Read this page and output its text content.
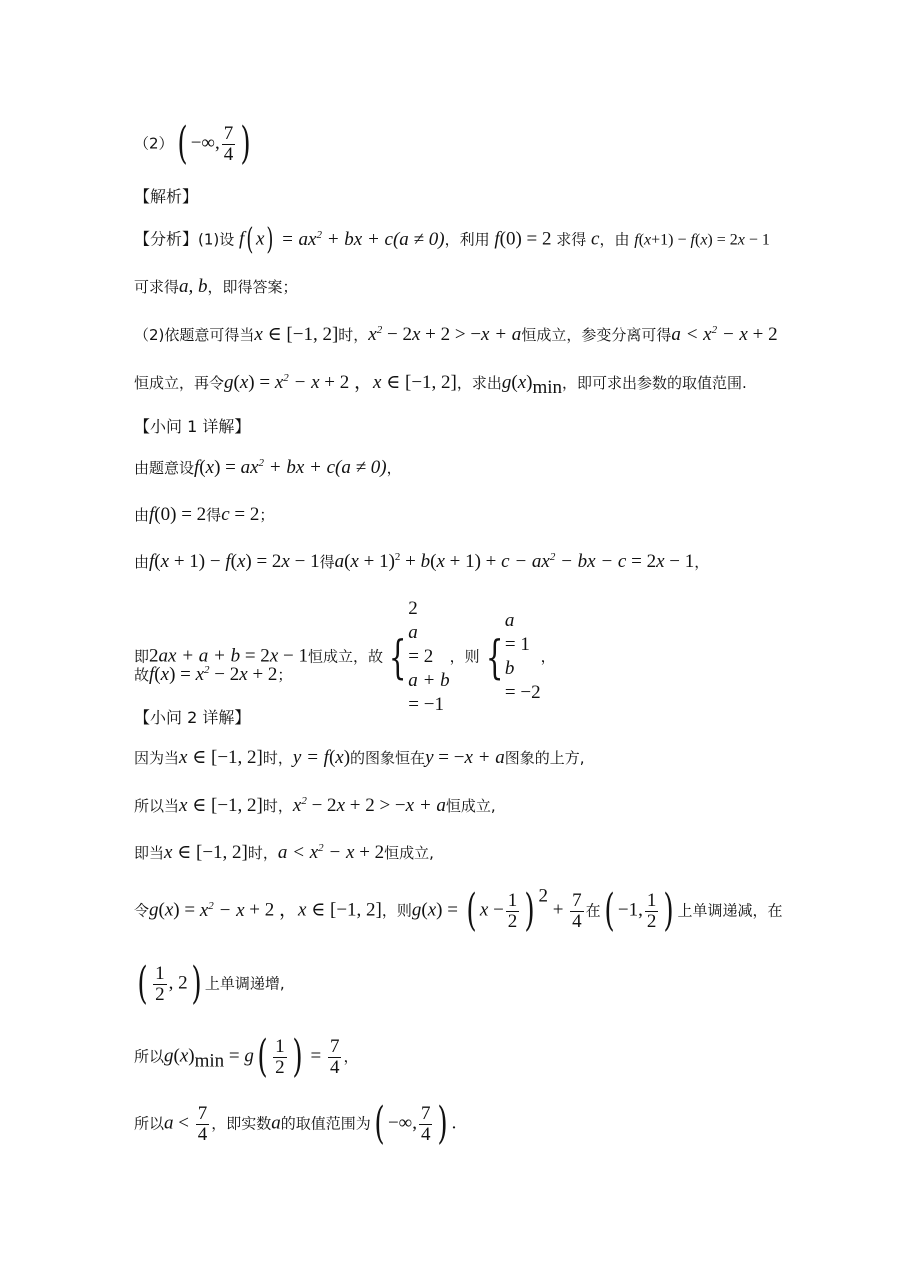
（2）( −∞, $\frac{7}{4}$ )
【解析】
【分析】(1)设 f( $x) = ax^2$ + bx + c(a ≠ 0)，利用 f(0) = 2 求得 c，由 f(x+1) − f(x) = 2x − 1
可求得a, b，即得答案；
（2)依题意可得当x ∈ [−1, 2]时，$x^2 - 2x + 2 > -x + a$恒成立，参变分离可得$a < x^2 - x + 2$
恒成立，再令$g(x) = x^2 - x + 2$ ，x ∈ [−1, 2]，求出$g(x)_{min}$，即可求出参数的取值范围.
【小问 1 详解】
由题意设$f(x) = ax^2$ + bx + c(a ≠ 0)，
由f(0) = 2得c = 2；
由f(x + 1) − f(x) = 2x − 1得$a(x + 1)^2 + b(x + 1) + c - ax^2$ − bx − c = 2x − 1，
即2ax + a + b = 2x − 1恒成立，故 {
2
a
= 2
a + b
= −1
，则 {
a
= 1
b
= −2
，
故$f(x) = x^2 - 2x + 2$；
【小问 2 详解】
因为当x ∈ [−1, 2]时，y = f(x)的图象恒在y = −x + a图象的上方,
所以当x ∈ [−1, 2]时，$x^2 - 2x + 2 > -x + a$恒成立,
即当x ∈ [−1, 2]时，$a < x^2 - x + 2$恒成立,
令$g(x) = x^2 - x + 2$ ，x ∈ [−1, 2]，则g(x) = ( $x - \frac{1}{2}$ ) $^2 + \frac{7}{4}$ 在( −1, $\frac{1}{2}$ ) 上单调递减，在
( $\frac{1}{2}$ , 2) 上单调递增,
所以$g(x)_{min} = g( \frac{1}{2}$ ) = $\frac{7}{4}$ ，
所以$a < \frac{7}{4}$ ，即实数a的取值范围为( −∞, $\frac{7}{4}$ ) .
